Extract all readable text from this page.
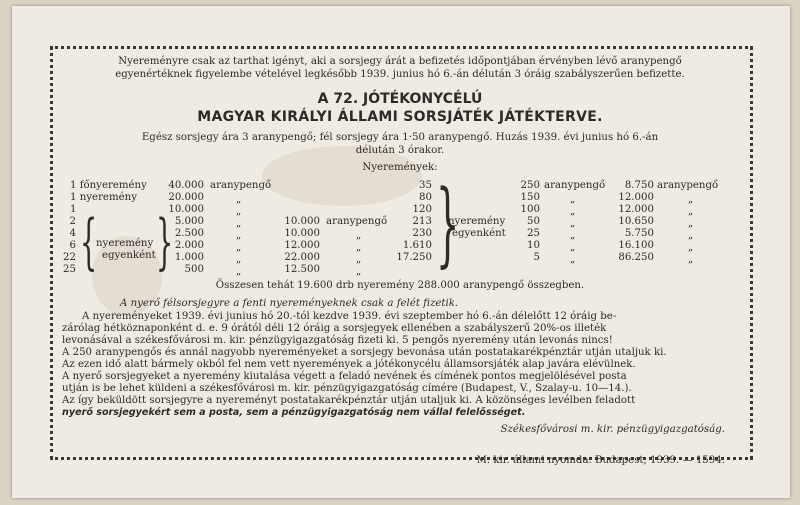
Nyereményre csak az tarthat igényt, aki a sorsjegy árát a befizetés időpontjában érvényben lévő aranypengő
egyenértéknek figyelembe vételével legkésőbb 1939. junius hó 6.-án délután 3 óráig szabályszerűen befizette.
A 72. JÓTÉKONYCÉLÚ
MAGYAR KIRÁLYI ÁLLAMI SORSJÁTÉK JÁTÉKTERVE.
Egész sorsjegy ára 3 aranypengő; fél sorsjegy ára 1·50 aranypengő. Huzás 1939. évi junius hó 6.-án
délután 3 órakor.
Nyeremények:
1 főnyeremény
1 nyeremény
1
2
4
6
22
25 {
nyeremény
egyenként }
40.000
20.000
10.000
5.000
2.500
2.000
1.000
500
aranypengő
„
„
„
„
„
„
„
10.000
10.000
12.000
22.000
12.500
aranypengő
„
„
„
„
35
80
120
213
230
1.610
17.250 }
nyeremény
egyenként
250
150
100
50
25
10
5
aranypengő
„
„
„
„
„
„
8.750
12.000
12.000
10.650
5.750
16.100
86.250
aranypengő
„
„
„
„
„
„
Összesen tehát 19.600 drb nyeremény 288.000 aranypengő összegben.
A nyerő félsorsjegyre a fenti nyereményeknek csak a felét fizetik.
A nyereményeket 1939. évi junius hó 20.-tól kezdve 1939. évi szeptember hó 6.-án délelőtt 12 óráig be-
zárólag hétköznaponként d. e. 9 órától déli 12 óráig a sorsjegyek ellenében a szabályszerű 20%-os illeték
levonásával a székesfővárosi m. kir. pénzügyigazgatóság fizeti ki. 5 pengős nyeremény után levonás nincs!
A 250 aranypengős és annál nagyobb nyereményeket a sorsjegy bevonása után postatakarékpénztár utján utaljuk ki.
Az ezen idő alatt bármely okból fel nem vett nyeremények a jótékonycélu államsorsjáték alap javára elévülnek.
A nyerő sorsjegyeket a nyeremény kiutalása végett a feladó nevének és címének pontos megjelölésével posta
utján is be lehet küldeni a székesfővárosi m. kir. pénzügyigazgatóság címére (Budapest, V., Szalay-u. 10—14.).
Az így beküldött sorsjegyre a nyereményt postatakarékpénztár utján utaljuk ki. A közönséges levélben feladott
nyerő sorsjegyekért sem a posta, sem a pénzügyigazgatóság nem vállal felelősséget.
Székesfővárosi m. kir. pénzügyigazgatóság.
M. kir. állami nyomda. Budapest, 1939. — 1594.
